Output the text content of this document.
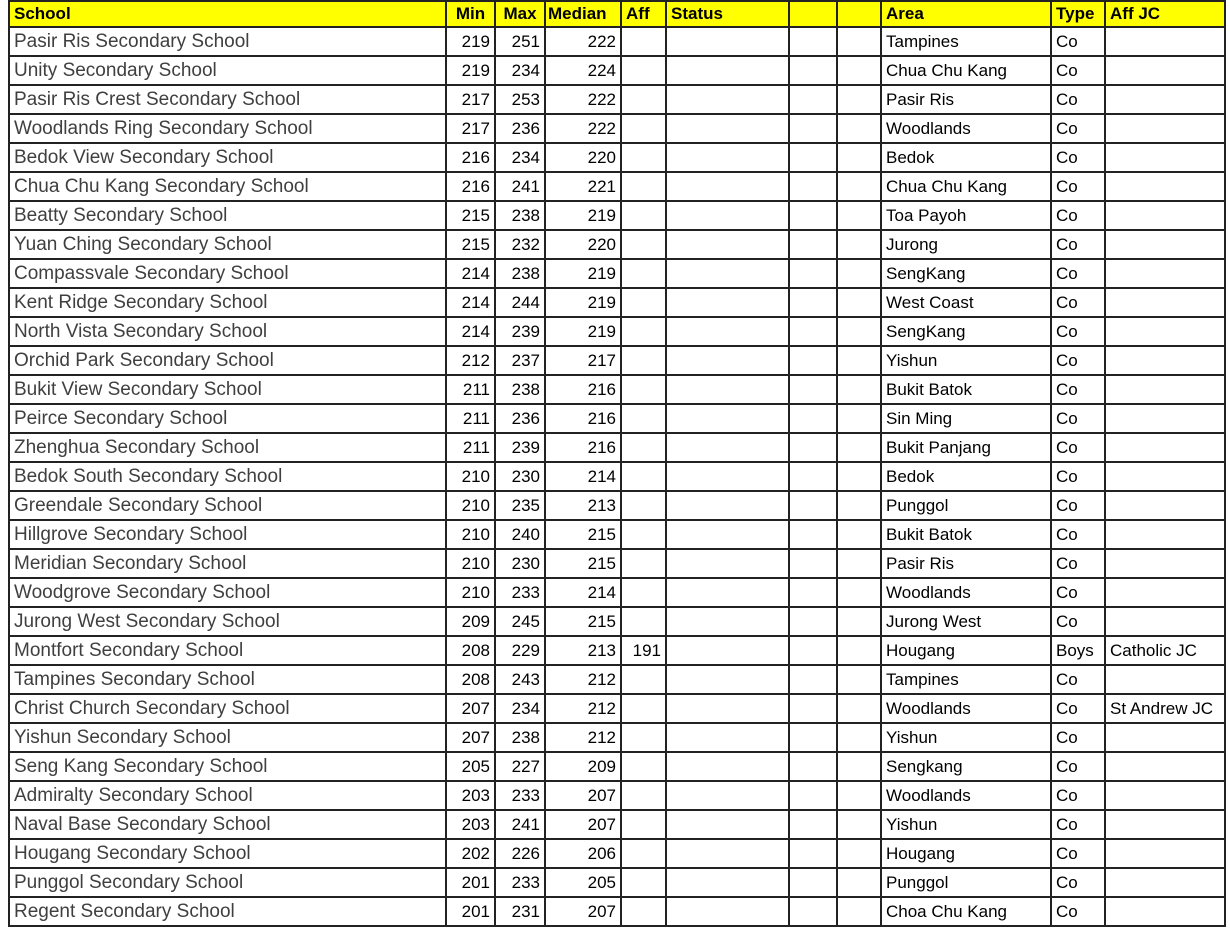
School	Min	Max	Median	Aff	Status			Area	Type	Aff JC
Pasir Ris Secondary School	219	251	222					Tampines	Co	
Unity Secondary School	219	234	224					Chua Chu Kang	Co	
Pasir Ris Crest Secondary School	217	253	222					Pasir Ris	Co	
Woodlands Ring Secondary School	217	236	222					Woodlands	Co	
Bedok View Secondary School	216	234	220					Bedok	Co	
Chua Chu Kang Secondary School	216	241	221					Chua Chu Kang	Co	
Beatty Secondary School	215	238	219					Toa Payoh	Co	
Yuan Ching Secondary School	215	232	220					Jurong	Co	
Compassvale Secondary School	214	238	219					SengKang	Co	
Kent Ridge Secondary School	214	244	219					West Coast	Co	
North Vista Secondary School	214	239	219					SengKang	Co	
Orchid Park Secondary School	212	237	217					Yishun	Co	
Bukit View Secondary School	211	238	216					Bukit Batok	Co	
Peirce Secondary School	211	236	216					Sin Ming	Co	
Zhenghua Secondary School	211	239	216					Bukit Panjang	Co	
Bedok South Secondary School	210	230	214					Bedok	Co	
Greendale Secondary School	210	235	213					Punggol	Co	
Hillgrove Secondary School	210	240	215					Bukit Batok	Co	
Meridian Secondary School	210	230	215					Pasir Ris	Co	
Woodgrove Secondary School	210	233	214					Woodlands	Co	
Jurong West Secondary School	209	245	215					Jurong West	Co	
Montfort Secondary School	208	229	213	191				Hougang	Boys	Catholic JC
Tampines Secondary School	208	243	212					Tampines	Co	
Christ Church Secondary School	207	234	212					Woodlands	Co	St Andrew JC
Yishun Secondary School	207	238	212					Yishun	Co	
Seng Kang Secondary School	205	227	209					Sengkang	Co	
Admiralty Secondary School	203	233	207					Woodlands	Co	
Naval Base Secondary School	203	241	207					Yishun	Co	
Hougang Secondary School	202	226	206					Hougang	Co	
Punggol Secondary School	201	233	205					Punggol	Co	
Regent Secondary School	201	231	207					Choa Chu Kang	Co	
